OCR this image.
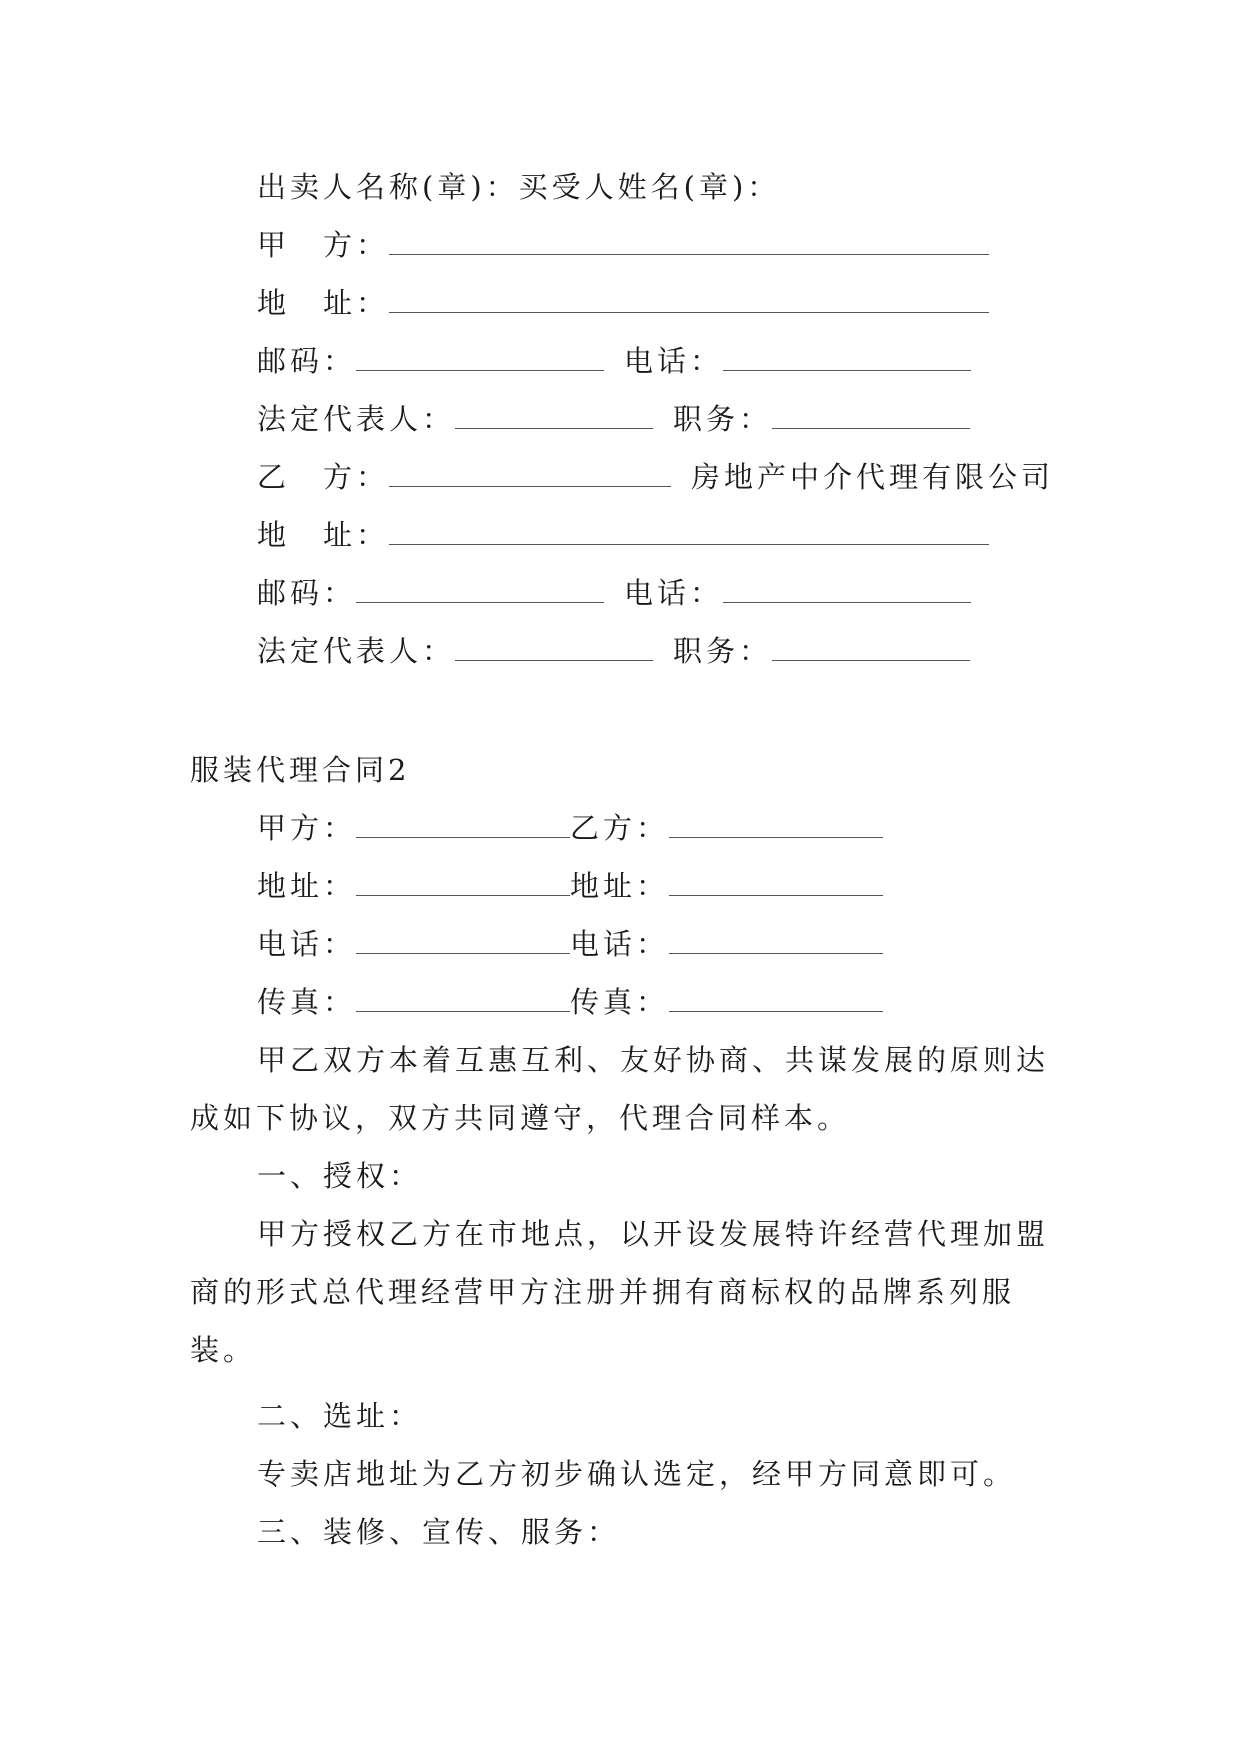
出卖人名称(章)：买受人姓名(章)：
甲　方：
地　址：
邮码：	电话：
法定代表人：	职务：
乙　方：	房地产中介代理有限公司
地　址：
邮码：	电话：
法定代表人：	职务：
服装代理合同2
甲方：	乙方：
地址：	地址：
电话：	电话：
传真：	传真：
甲乙双方本着互惠互利、友好协商、共谋发展的原则达
成如下协议，双方共同遵守，代理合同样本。
一、授权：
甲方授权乙方在市地点，以开设发展特许经营代理加盟
商的形式总代理经营甲方注册并拥有商标权的品牌系列服
装。
二、选址：
专卖店地址为乙方初步确认选定，经甲方同意即可。
三、装修、宣传、服务：
